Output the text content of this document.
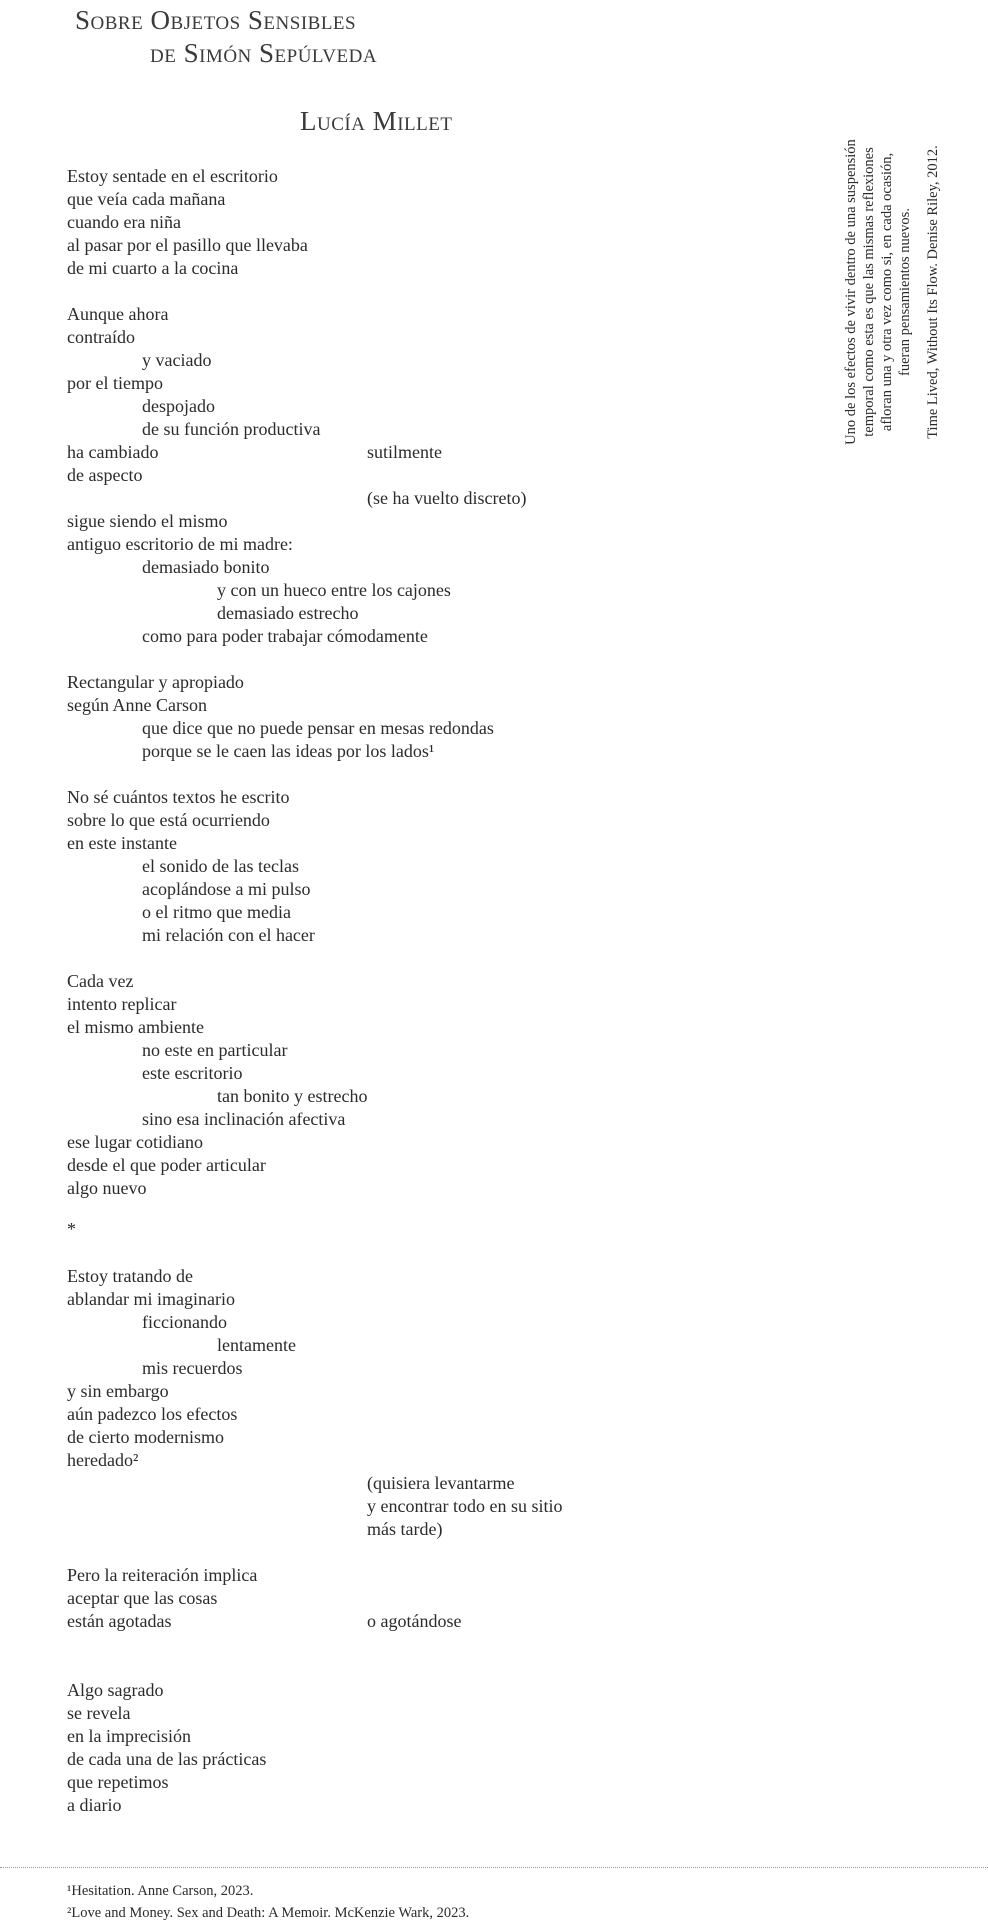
Sobre Objetos Sensibles
de Simón Sepúlveda
Lucía Millet
Estoy sentade en el escritorio
que veía cada mañana
cuando era niña
al pasar por el pasillo que llevaba
de mi cuarto a la cocina
Aunque ahora
contraído
y vaciado
por el tiempo
despojado
de su función productiva
ha cambiado	sutilmente
de aspecto
(se ha vuelto discreto)
sigue siendo el mismo
antiguo escritorio de mi madre:
demasiado bonito
y con un hueco entre los cajones
demasiado estrecho
como para poder trabajar cómodamente
Rectangular y apropiado
según Anne Carson
que dice que no puede pensar en mesas redondas
porque se le caen las ideas por los lados¹
No sé cuántos textos he escrito
sobre lo que está ocurriendo
en este instante
el sonido de las teclas
acoplándose a mi pulso
o el ritmo que media
mi relación con el hacer
Cada vez
intento replicar
el mismo ambiente
no este en particular
este escritorio
tan bonito y estrecho
sino esa inclinación afectiva
ese lugar cotidiano
desde el que poder articular
algo nuevo
*
Estoy tratando de
ablandar mi imaginario
ficcionando
lentamente
mis recuerdos
y sin embargo
aún padezco los efectos
de cierto modernismo
heredado²
(quisiera levantarme
y encontrar todo en su sitio
más tarde)
Pero la reiteración implica
aceptar que las cosas
están agotadas	o agotándose
Algo sagrado
se revela
en la imprecisión
de cada una de las prácticas
que repetimos
a diario

Uno de los efectos de vivir dentro de una suspensión temporal como esta es que las mismas reflexiones afloran una y otra vez como si, en cada ocasión, fueran pensamientos nuevos. Time Lived, Without Its Flow. Denise Riley, 2012.

¹Hesitation. Anne Carson, 2023.
²Love and Money. Sex and Death: A Memoir. McKenzie Wark, 2023.
